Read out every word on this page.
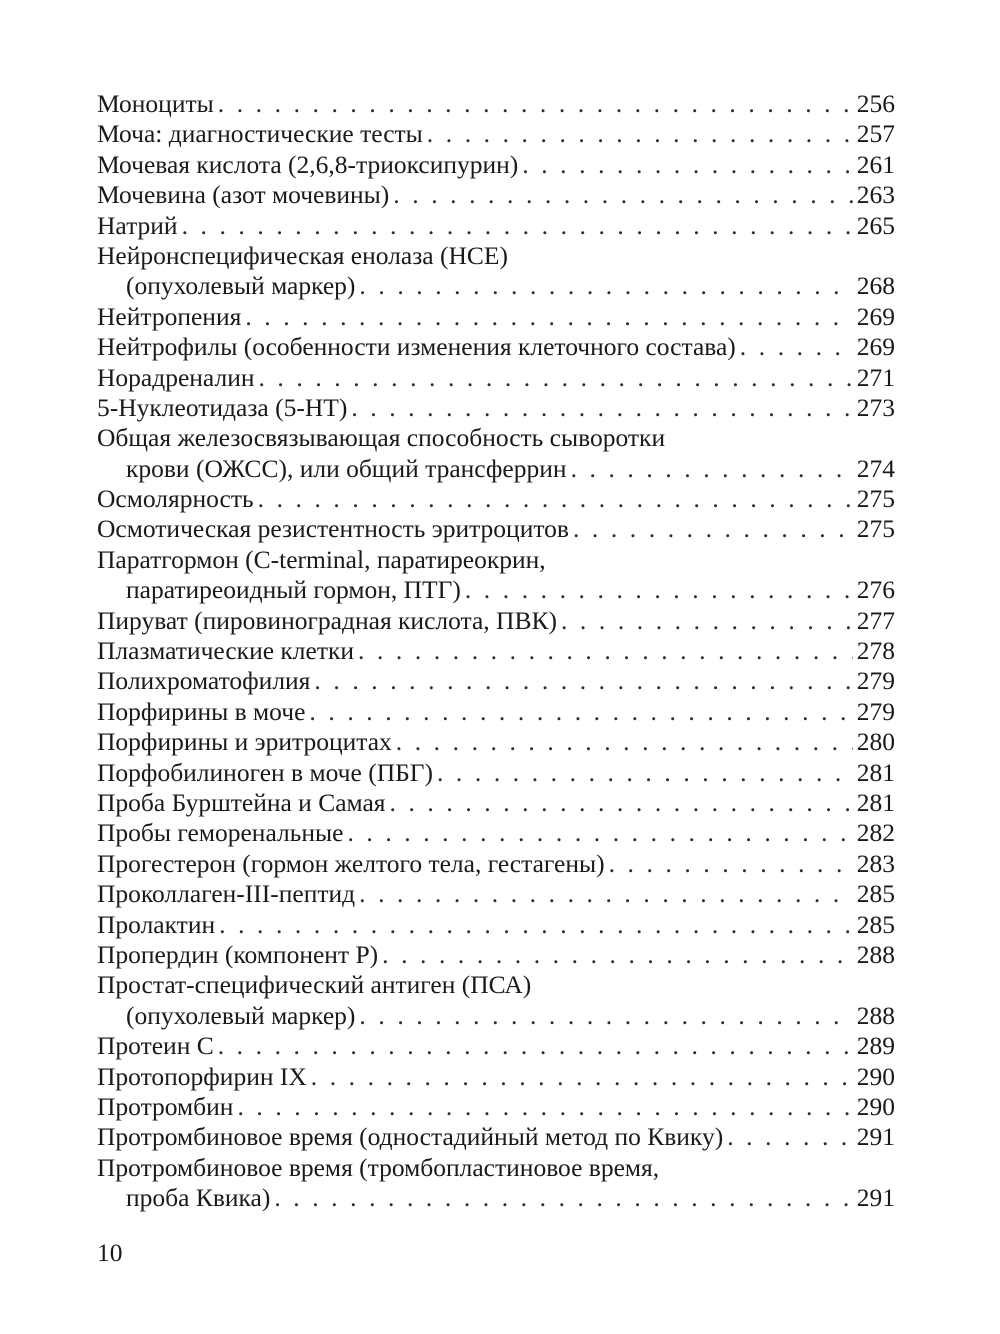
Моноциты . . .	256
Моча: диагностические тесты . . .	257
Мочевая кислота (2,6,8-триоксипурин) . . .	261
Мочевина (азот мочевины) . . .	263
Натрий . . .	265
Нейронспецифическая енолаза (НСЕ)
(опухолевый маркер) . . .	268
Нейтропения . . .	269
Нейтрофилы (особенности изменения клеточного состава) . . .	269
Норадреналин . . .	271
5-Нуклеотидаза (5-НТ) . . .	273
Общая железосвязывающая способность сыворотки
крови (ОЖСС), или общий трансферрин . . .	274
Осмолярность . . .	275
Осмотическая резистентность эритроцитов . . .	275
Паратгормон (C-terminal, паратиреокрин,
паратиреоидный гормон, ПТГ) . . .	276
Пируват (пировиноградная кислота, ПВК) . . .	277
Плазматические клетки . . .	278
Полихроматофилия . . .	279
Порфирины в моче . . .	279
Порфирины и эритроцитах . . .	280
Порфобилиноген в моче (ПБГ) . . .	281
Проба Бурштейна и Самая . . .	281
Пробы геморенальные . . .	282
Прогестерон (гормон желтого тела, гестагены) . . .	283
Проколлаген-III-пептид . . .	285
Пролактин . . .	285
Пропердин (компонент P) . . .	288
Простат-специфический антиген (ПСА)
(опухолевый маркер) . . .	288
Протеин С . . .	289
Протопорфирин IX . . .	290
Протромбин . . .	290
Протромбиновое время (одностадийный метод по Квику) . . .	291
Протромбиновое время (тромбопластиновое время,
проба Квика) . . .	291
10
